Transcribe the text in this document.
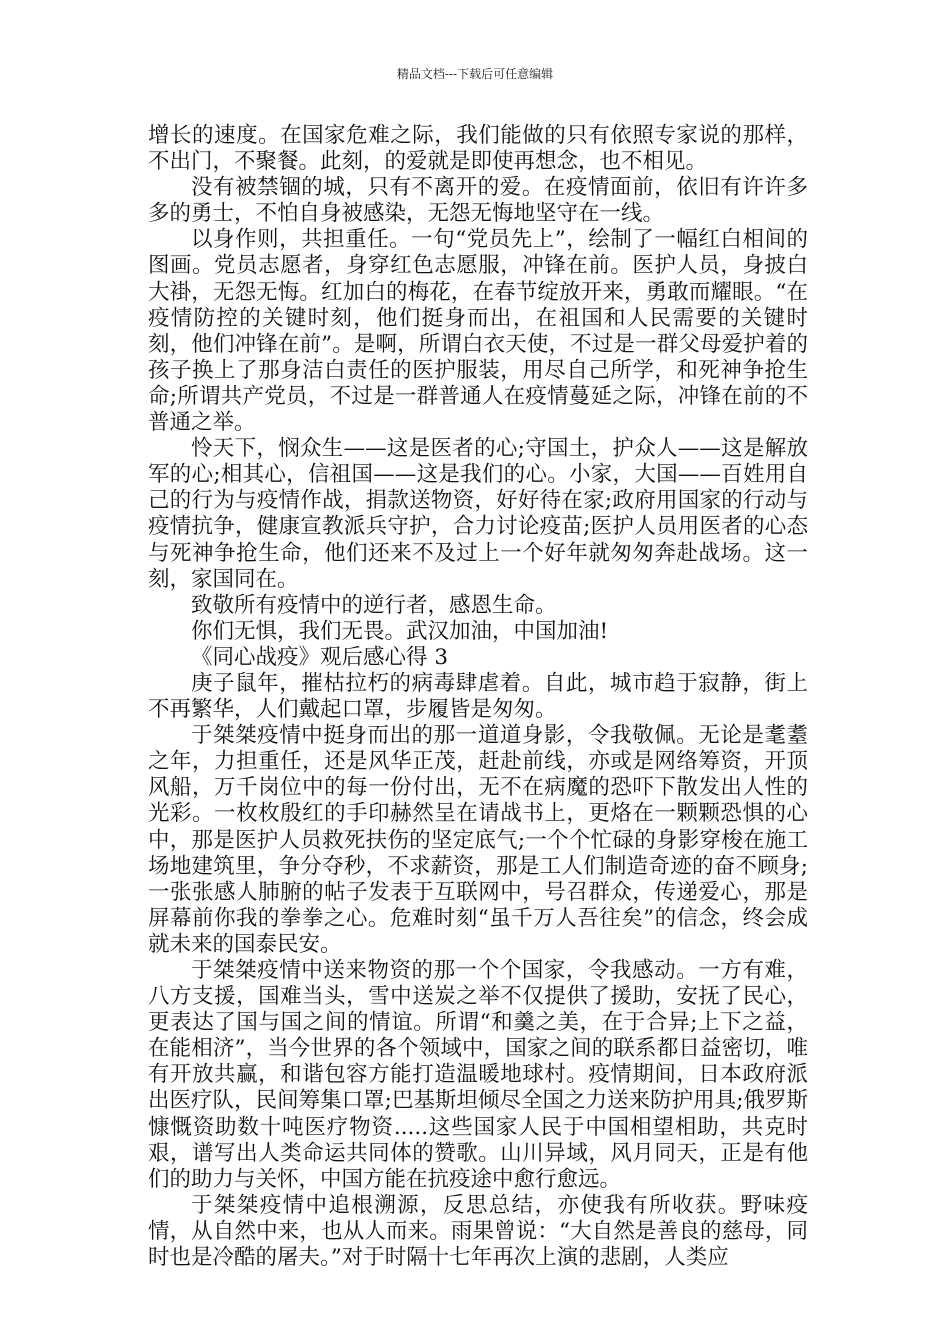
精品文档---下载后可任意编辑

增长的速度。在国家危难之际，我们能做的只有依照专家说的那样，不出门，不聚餐。此刻，的爱就是即使再想念，也不相见。

没有被禁锢的城，只有不离开的爱。在疫情面前，依旧有许许多多的勇士，不怕自身被感染，无怨无悔地坚守在一线。

以身作则，共担重任。一句“党员先上”，绘制了一幅红白相间的图画。党员志愿者，身穿红色志愿服，冲锋在前。医护人员，身披白大褂，无怨无悔。红加白的梅花，在春节绽放开来，勇敢而耀眼。“在疫情防控的关键时刻，他们挺身而出，在祖国和人民需要的关键时刻，他们冲锋在前”。是啊，所谓白衣天使，不过是一群父母爱护着的孩子换上了那身洁白责任的医护服装，用尽自己所学，和死神争抢生命;所谓共产党员，不过是一群普通人在疫情蔓延之际，冲锋在前的不普通之举。

怜天下，悯众生——这是医者的心;守国土，护众人——这是解放军的心;相其心，信祖国——这是我们的心。小家，大国——百姓用自己的行为与疫情作战，捐款送物资，好好待在家;政府用国家的行动与疫情抗争，健康宣教派兵守护，合力讨论疫苗;医护人员用医者的心态与死神争抢生命，他们还来不及过上一个好年就匆匆奔赴战场。这一刻，家国同在。

致敬所有疫情中的逆行者，感恩生命。

你们无惧，我们无畏。武汉加油，中国加油!

《同心战疫》观后感心得 3

庚子鼠年，摧枯拉朽的病毒肆虐着。自此，城市趋于寂静，街上不再繁华，人们戴起口罩，步履皆是匆匆。

于桀桀疫情中挺身而出的那一道道身影，令我敬佩。无论是耄耋之年，力担重任，还是风华正茂，赶赴前线，亦或是网络筹资，开顶风船，万千岗位中的每一份付出，无不在病魔的恐吓下散发出人性的光彩。一枚枚殷红的手印赫然呈在请战书上，更烙在一颗颗恐惧的心中，那是医护人员救死扶伤的坚定底气;一个个忙碌的身影穿梭在施工场地建筑里，争分夺秒，不求薪资，那是工人们制造奇迹的奋不顾身;一张张感人肺腑的帖子发表于互联网中，号召群众，传递爱心，那是屏幕前你我的拳拳之心。危难时刻“虽千万人吾往矣”的信念，终会成就未来的国泰民安。

于桀桀疫情中送来物资的那一个个国家，令我感动。一方有难，八方支援，国难当头，雪中送炭之举不仅提供了援助，安抚了民心，更表达了国与国之间的情谊。所谓“和羹之美，在于合异;上下之益，在能相济”，当今世界的各个领域中，国家之间的联系都日益密切，唯有开放共赢，和谐包容方能打造温暖地球村。疫情期间，日本政府派出医疗队，民间筹集口罩;巴基斯坦倾尽全国之力送来防护用具;俄罗斯慷慨资助数十吨医疗物资.....这些国家人民于中国相望相助，共克时艰，谱写出人类命运共同体的赞歌。山川异域，风月同天，正是有他们的助力与关怀，中国方能在抗疫途中愈行愈远。

于桀桀疫情中追根溯源，反思总结，亦使我有所收获。野味疫情，从自然中来，也从人而来。雨果曾说：“大自然是善良的慈母，同时也是冷酷的屠夫。”对于时隔十七年再次上演的悲剧，人类应
